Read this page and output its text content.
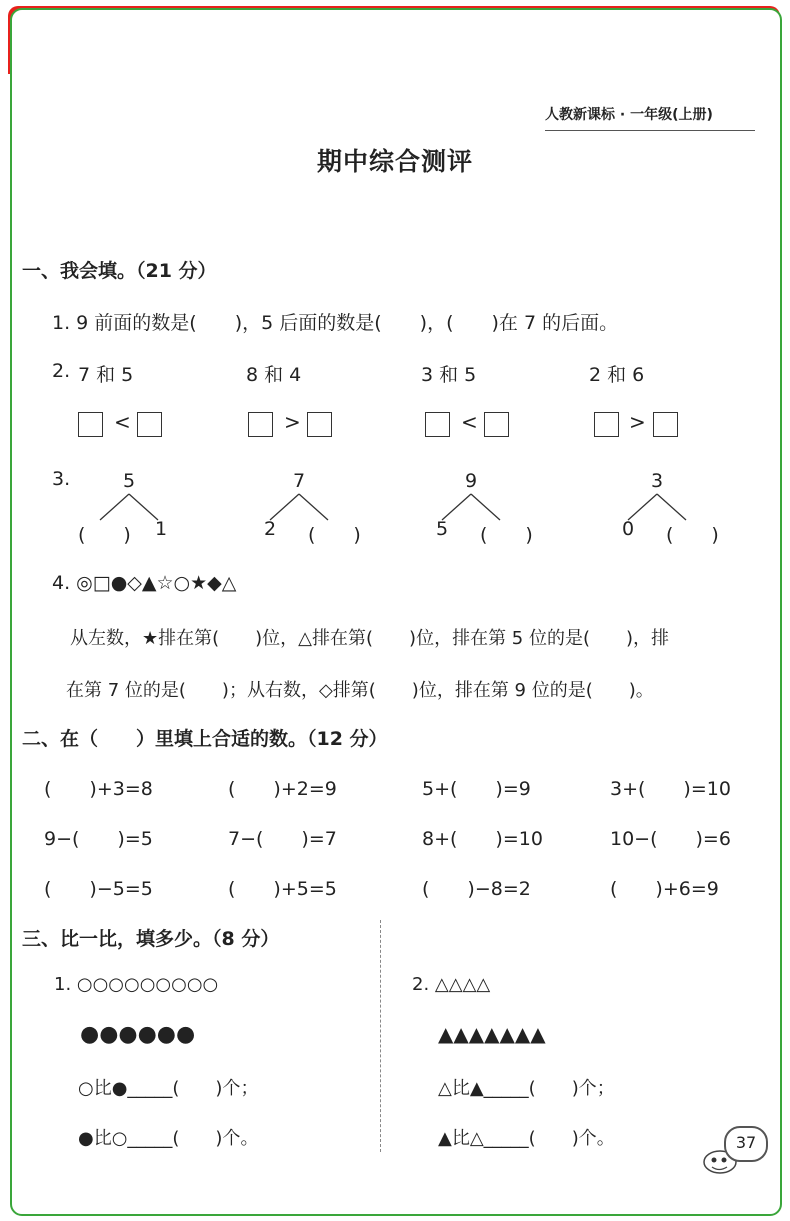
人教新课标 · 一年级(上册)
期中综合测评
一、我会填。（21 分）
1. 9 前面的数是(　　)，5 后面的数是(　　)，(　　)在 7 的后面。
2. 7 和 5	8 和 4	3 和 5	2 和 6
<	>	<	>
3.	5
(　　) 1
7
2 (　　)
9
5 (　　)
3
0 (　　)
4. ◎□●◇▲☆○★◆△
从左数，★排在第(　　)位，△排在第(　　)位，排在第 5 位的是(　　)，排
在第 7 位的是(　　)；从右数，◇排第(　　)位，排在第 9 位的是(　　)。
二、在（　　）里填上合适的数。（12 分）
(　　)+3=8	(　　)+2=9	5+(　　)=9	3+(　　)=10
9−(　　)=5	7−(　　)=7	8+(　　)=10	10−(　　)=6
(　　)−5=5	(　　)+5=5	(　　)−8=2	(　　)+6=9
三、比一比，填多少。（8 分）
1. ○○○○○○○○○
●●●●●●
○比●_____(　　)个；
●比○_____(　　)个。
2. △△△△
▲▲▲▲▲▲▲
△比▲_____(　　)个；
▲比△_____(　　)个。	37
